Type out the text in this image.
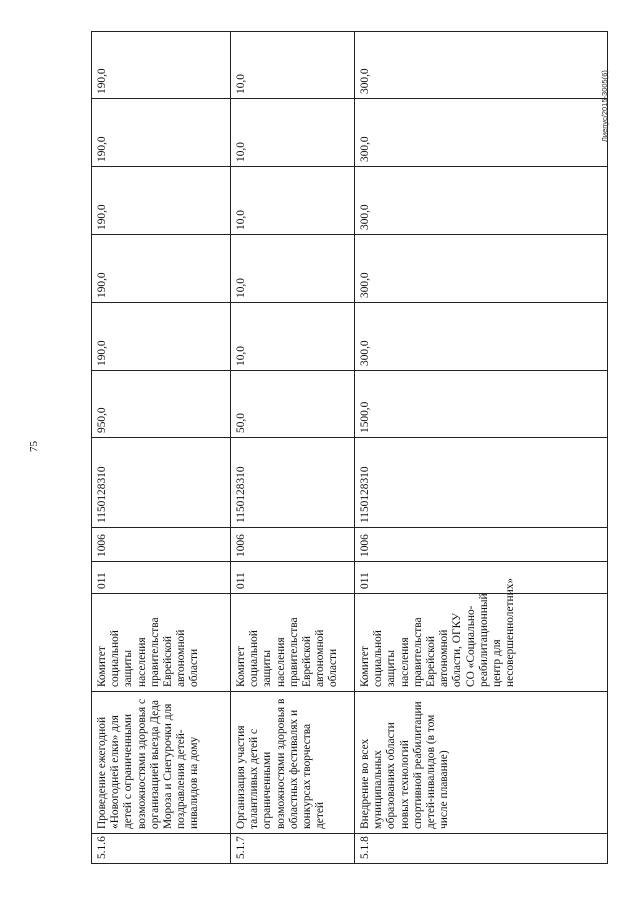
75
Лиепус/2015-3005(6)
5.1.6	Проведение ежегодной «Новогодней елки» для детей с ограниченными возможностями здоровья с организацией выезда Деда Мороза и Снегурочки для поздравления детей-инвалидов на дому	Комитет социальной защиты населения правительства Еврейской автономной области	011	1006	1150128310	950,0	190,0	190,0	190,0	190,0	190,0
5.1.7	Организация участия талантливых детей с ограниченными возможностями здоровья в областных фестивалях и конкурсах творчества детей	Комитет социальной защиты населения правительства Еврейской автономной области	011	1006	1150128310	50,0	10,0	10,0	10,0	10,0	10,0
5.1.8	Внедрение во всех муниципальных образованиях области новых технологий спортивной реабилитации детей-инвалидов (в том числе плавание)	Комитет социальной защиты населения правительства Еврейской автономной области, ОГКУ СО «Социально-реабилитационный центр для несовершеннолетних»	011	1006	1150128310	1500,0	300,0	300,0	300,0	300,0	300,0
